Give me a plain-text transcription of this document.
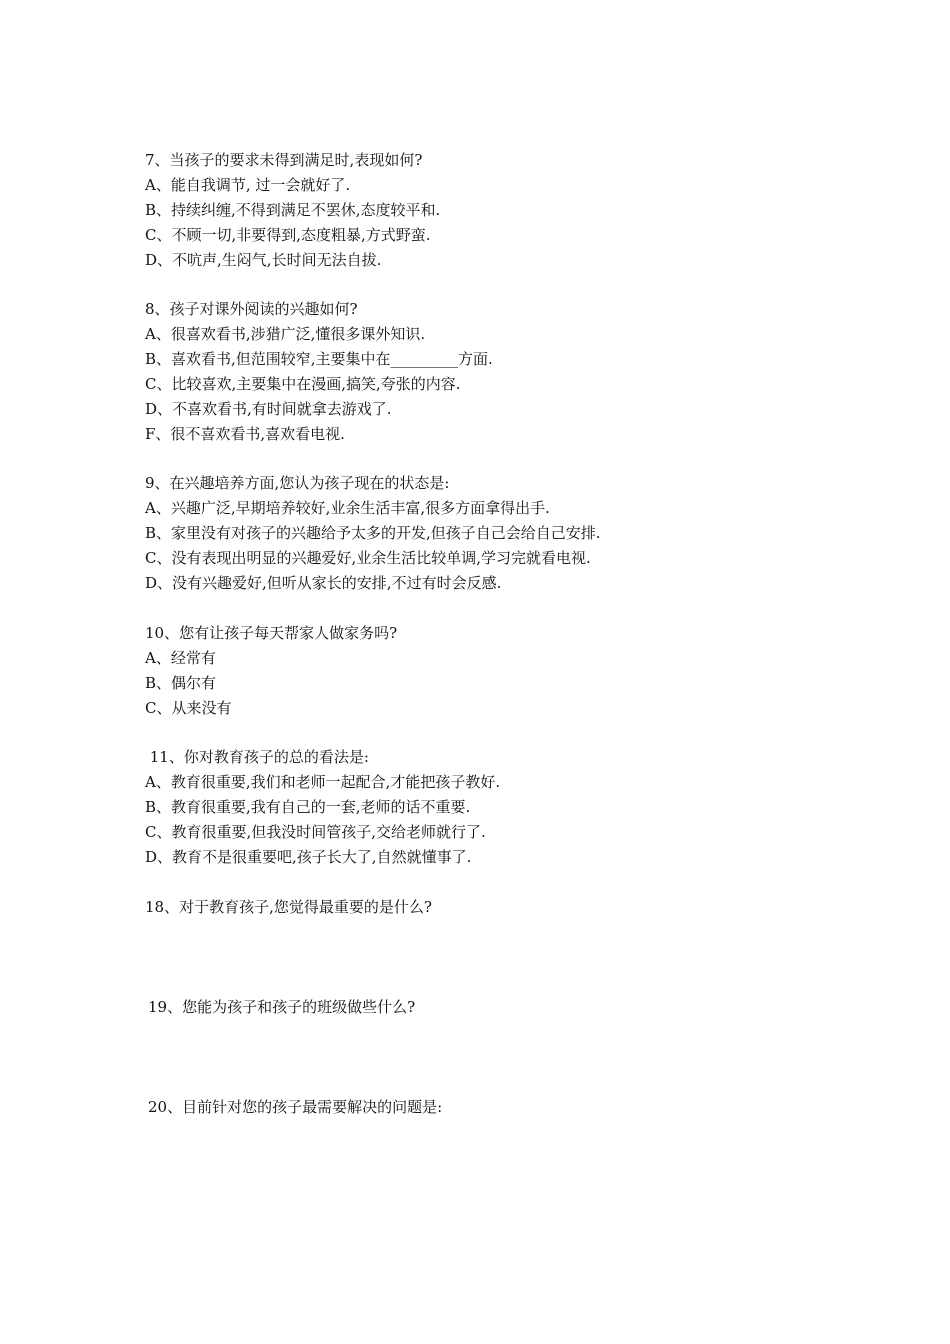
7、当孩子的要求未得到满足时,表现如何?
A、能自我调节, 过一会就好了.
B、持续纠缠,不得到满足不罢休,态度较平和.
C、不顾一切,非要得到,态度粗暴,方式野蛮.
D、不吭声,生闷气,长时间无法自拔.
8、孩子对课外阅读的兴趣如何?
A、很喜欢看书,涉猎广泛,懂很多课外知识.
B、喜欢看书,但范围较窄,主要集中在_________方面.
C、比较喜欢,主要集中在漫画,搞笑,夸张的内容.
D、不喜欢看书,有时间就拿去游戏了.
F、很不喜欢看书,喜欢看电视.
9、在兴趣培养方面,您认为孩子现在的状态是:
A、兴趣广泛,早期培养较好,业余生活丰富,很多方面拿得出手.
B、家里没有对孩子的兴趣给予太多的开发,但孩子自己会给自己安排.
C、没有表现出明显的兴趣爱好,业余生活比较单调,学习完就看电视.
D、没有兴趣爱好,但听从家长的安排,不过有时会反感.
10、您有让孩子每天帮家人做家务吗?
A、经常有
B、偶尔有
C、从来没有
11、你对教育孩子的总的看法是:
A、教育很重要,我们和老师一起配合,才能把孩子教好.
B、教育很重要,我有自己的一套,老师的话不重要.
C、教育很重要,但我没时间管孩子,交给老师就行了.
D、教育不是很重要吧,孩子长大了,自然就懂事了.
18、对于教育孩子,您觉得最重要的是什么?
19、您能为孩子和孩子的班级做些什么?
20、目前针对您的孩子最需要解决的问题是:
